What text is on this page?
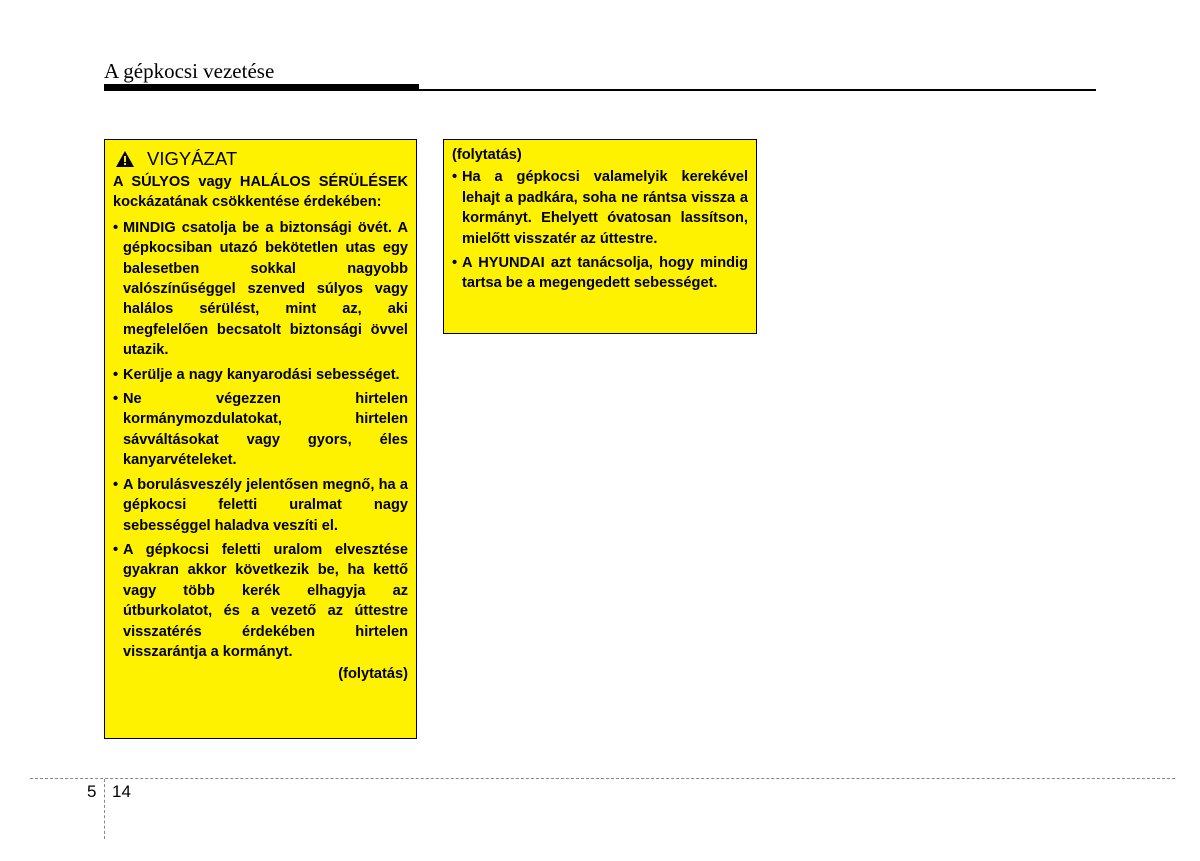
A gépkocsi vezetése
VIGYÁZAT
A SÚLYOS vagy HALÁLOS SÉRÜLÉSEK kockázatának csökkentése érdekében:
• MINDIG csatolja be a biztonsági övét. A gépkocsiban utazó bekötetlen utas egy balesetben sokkal nagyobb valószínűséggel szenved súlyos vagy halálos sérülést, mint az, aki megfelelően becsatolt biztonsági övvel utazik.
• Kerülje a nagy kanyarodási sebességet.
• Ne végezzen hirtelen kormánymozdulatokat, hirtelen sávváltásokat vagy gyors, éles kanyarvételeket.
• A borulásveszély jelentősen megnő, ha a gépkocsi feletti uralmat nagy sebességgel haladva veszíti el.
• A gépkocsi feletti uralom elvesztése gyakran akkor következik be, ha kettő vagy több kerék elhagyja az útburkolatot, és a vezető az úttestre visszatérés érdekében hirtelen visszarántja a kormányt.
(folytatás)
(folytatás)
• Ha a gépkocsi valamelyik kerekével lehajt a padkára, soha ne rántsa vissza a kormányt. Ehelyett óvatosan lassítson, mielőtt visszatér az úttestre.
• A HYUNDAI azt tanácsolja, hogy mindig tartsa be a megengedett sebességet.
5 14
